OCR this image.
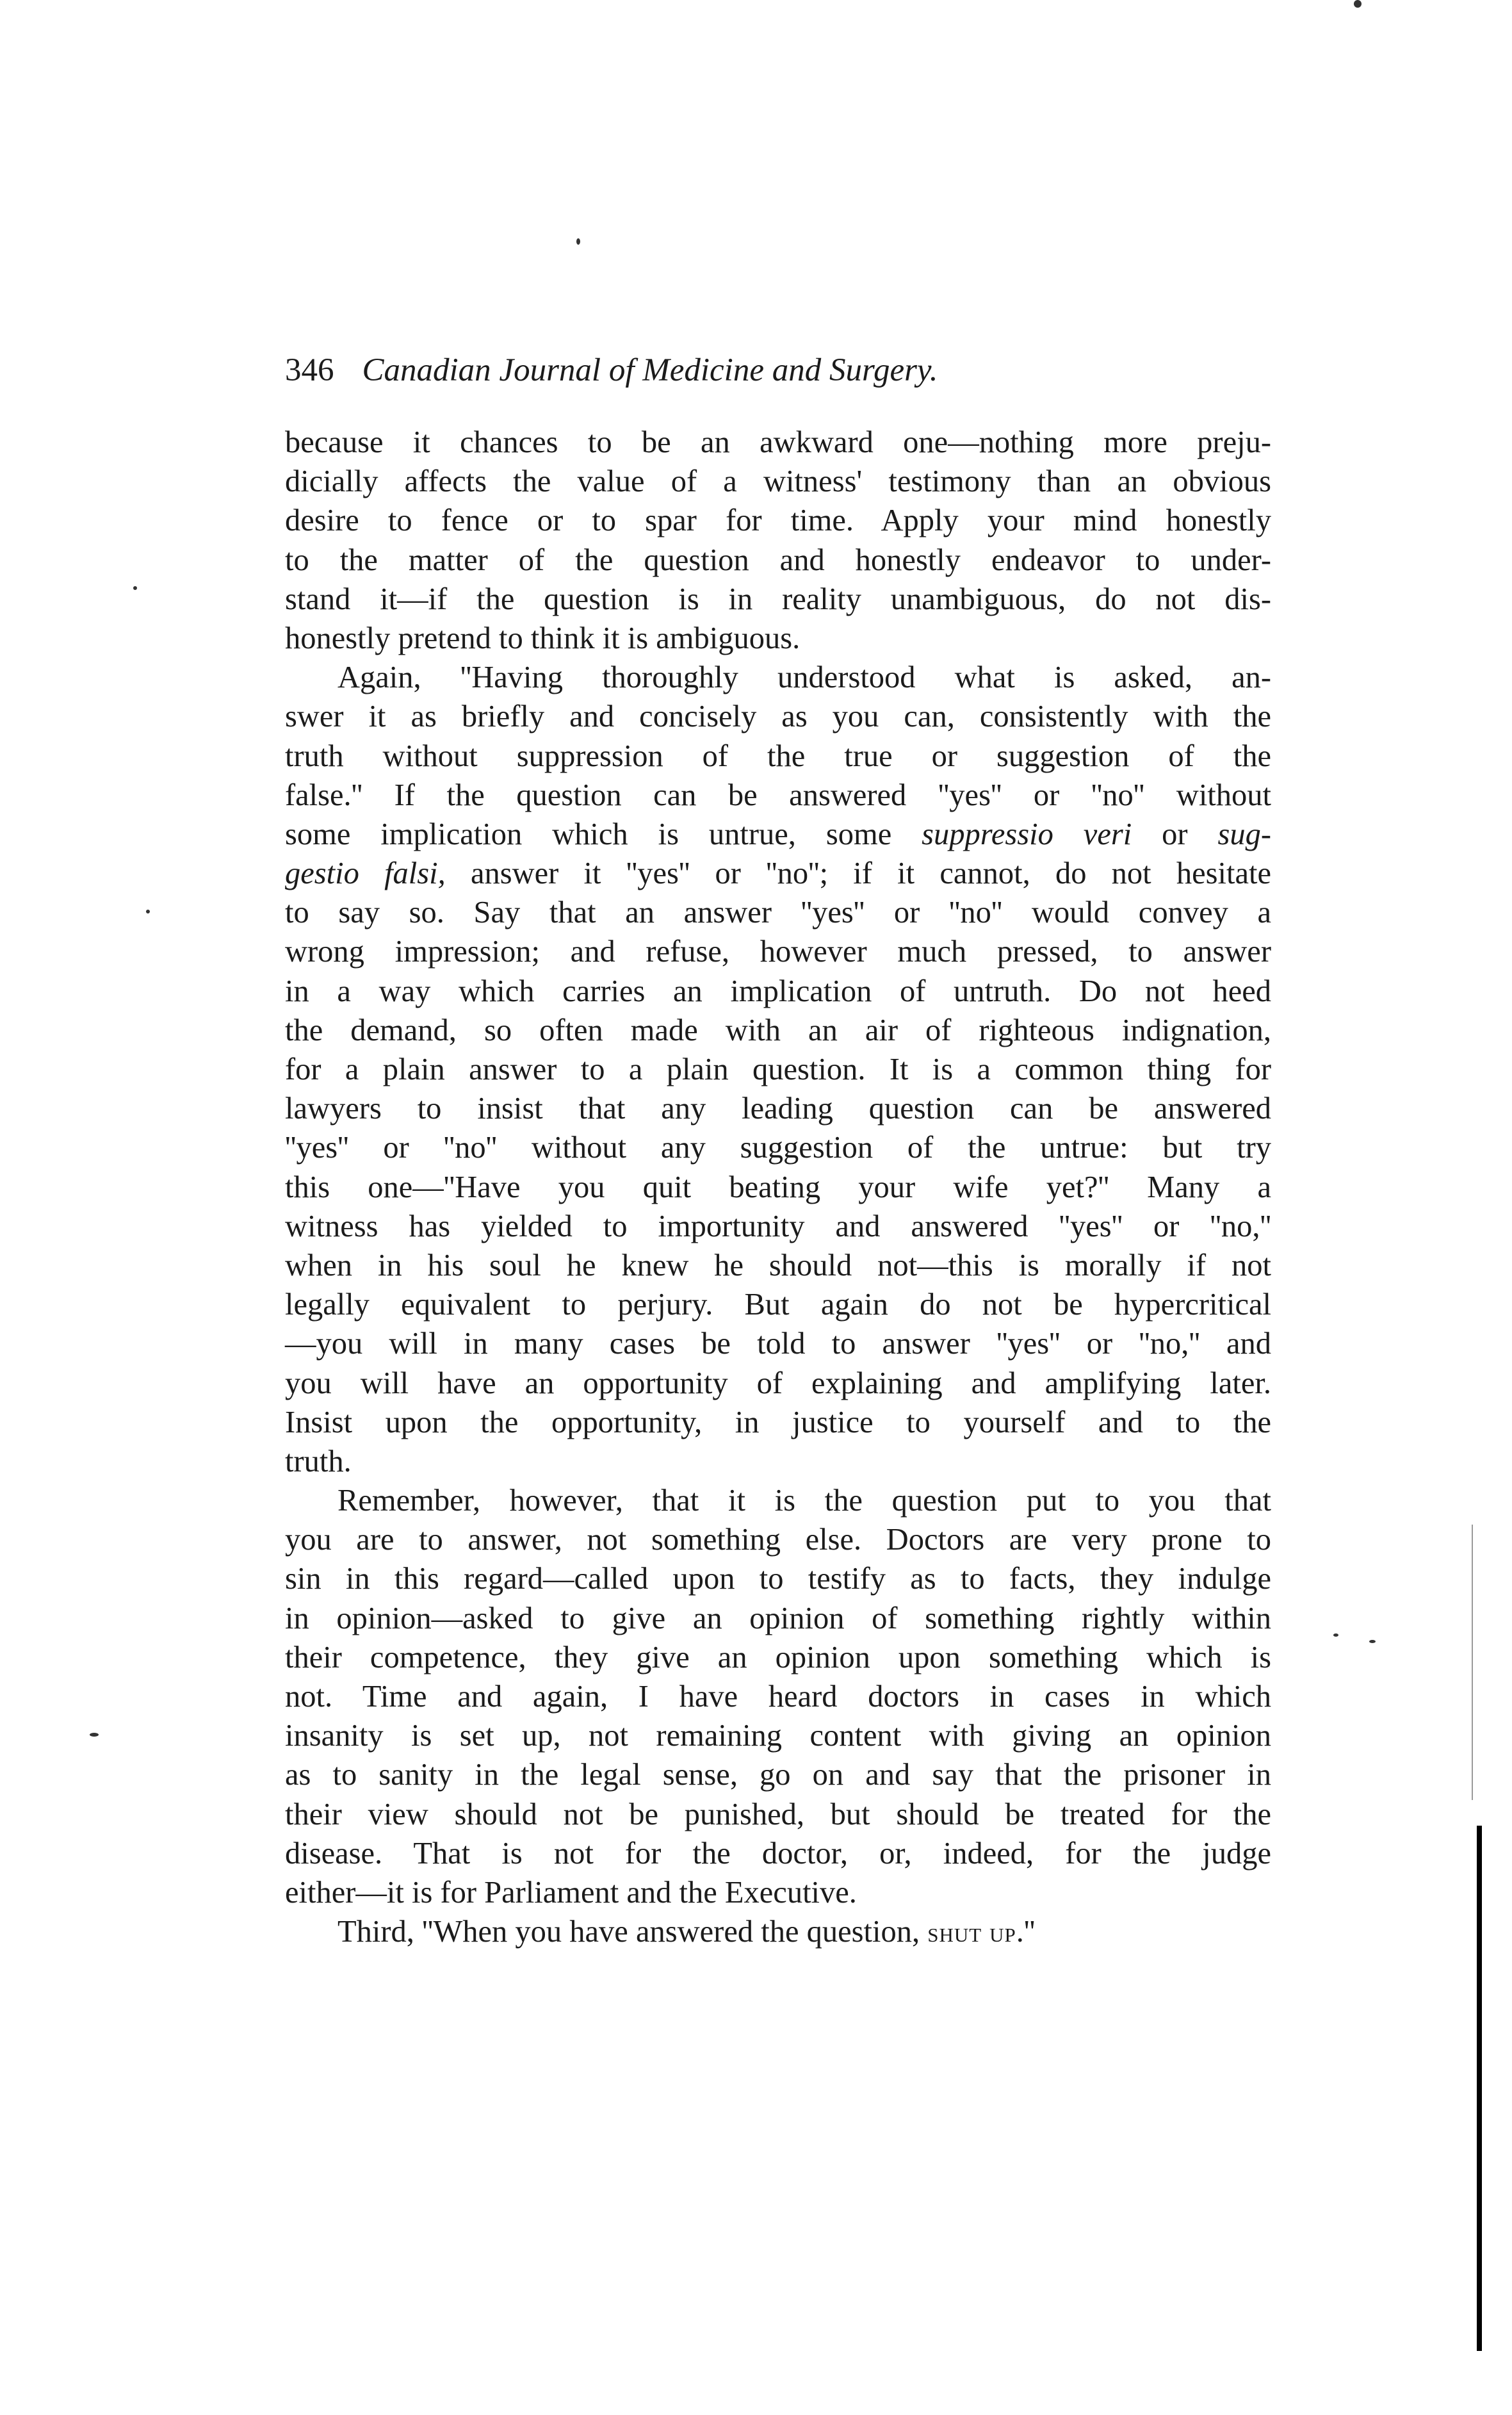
346 Canadian Journal of Medicine and Surgery.
because it chances to be an awkward one—nothing more preju-
dicially affects the value of a witness' testimony than an obvious
desire to fence or to spar for time. Apply your mind honestly
to the matter of the question and honestly endeavor to under-
stand it—if the question is in reality unambiguous, do not dis-
honestly pretend to think it is ambiguous.
Again, ''Having thoroughly understood what is asked, an-
swer it as briefly and concisely as you can, consistently with the
truth without suppression of the true or suggestion of the
false.'' If the question can be answered ''yes'' or ''no'' without
some implication which is untrue, some suppressio veri or sug-
gestio falsi, answer it ''yes'' or ''no''; if it cannot, do not hesitate
to say so. Say that an answer ''yes'' or ''no'' would convey a
wrong impression; and refuse, however much pressed, to answer
in a way which carries an implication of untruth. Do not heed
the demand, so often made with an air of righteous indignation,
for a plain answer to a plain question. It is a common thing for
lawyers to insist that any leading question can be answered
''yes'' or ''no'' without any suggestion of the untrue: but try
this one—''Have you quit beating your wife yet?'' Many a
witness has yielded to importunity and answered ''yes'' or ''no,''
when in his soul he knew he should not—this is morally if not
legally equivalent to perjury. But again do not be hypercritical
—you will in many cases be told to answer ''yes'' or ''no,'' and
you will have an opportunity of explaining and amplifying later.
Insist upon the opportunity, in justice to yourself and to the
truth.
Remember, however, that it is the question put to you that
you are to answer, not something else. Doctors are very prone to
sin in this regard—called upon to testify as to facts, they indulge
in opinion—asked to give an opinion of something rightly within
their competence, they give an opinion upon something which is
not. Time and again, I have heard doctors in cases in which
insanity is set up, not remaining content with giving an opinion
as to sanity in the legal sense, go on and say that the prisoner in
their view should not be punished, but should be treated for the
disease. That is not for the doctor, or, indeed, for the judge
either—it is for Parliament and the Executive.
Third, ''When you have answered the question, shut up.''
